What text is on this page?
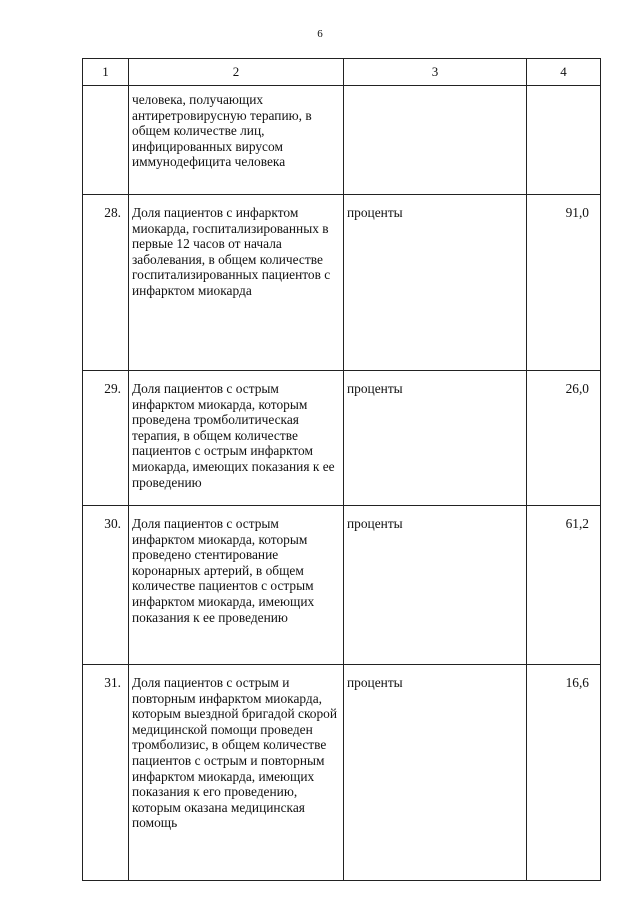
6
1	2	3	4
	человека, получающих антиретровирусную терапию, в общем количестве лиц, инфицированных вирусом иммунодефицита человека		
28.	Доля пациентов с инфарктом миокарда, госпитализированных в первые 12 часов от начала заболевания, в общем количестве госпитализированных пациентов с инфарктом миокарда	проценты	91,0
29.	Доля пациентов с острым инфарктом миокарда, которым проведена тромболитическая терапия, в общем количестве пациентов с острым инфарктом миокарда, имеющих показания к ее проведению	проценты	26,0
30.	Доля пациентов с острым инфарктом миокарда, которым проведено стентирование коронарных артерий, в общем количестве пациентов с острым инфарктом миокарда, имеющих показания к ее проведению	проценты	61,2
31.	Доля пациентов с острым и повторным инфарктом миокарда, которым выездной бригадой скорой медицинской помощи проведен тромболизис, в общем количестве пациентов с острым и повторным инфарктом миокарда, имеющих показания к его проведению, которым оказана медицинская помощь	проценты	16,6
